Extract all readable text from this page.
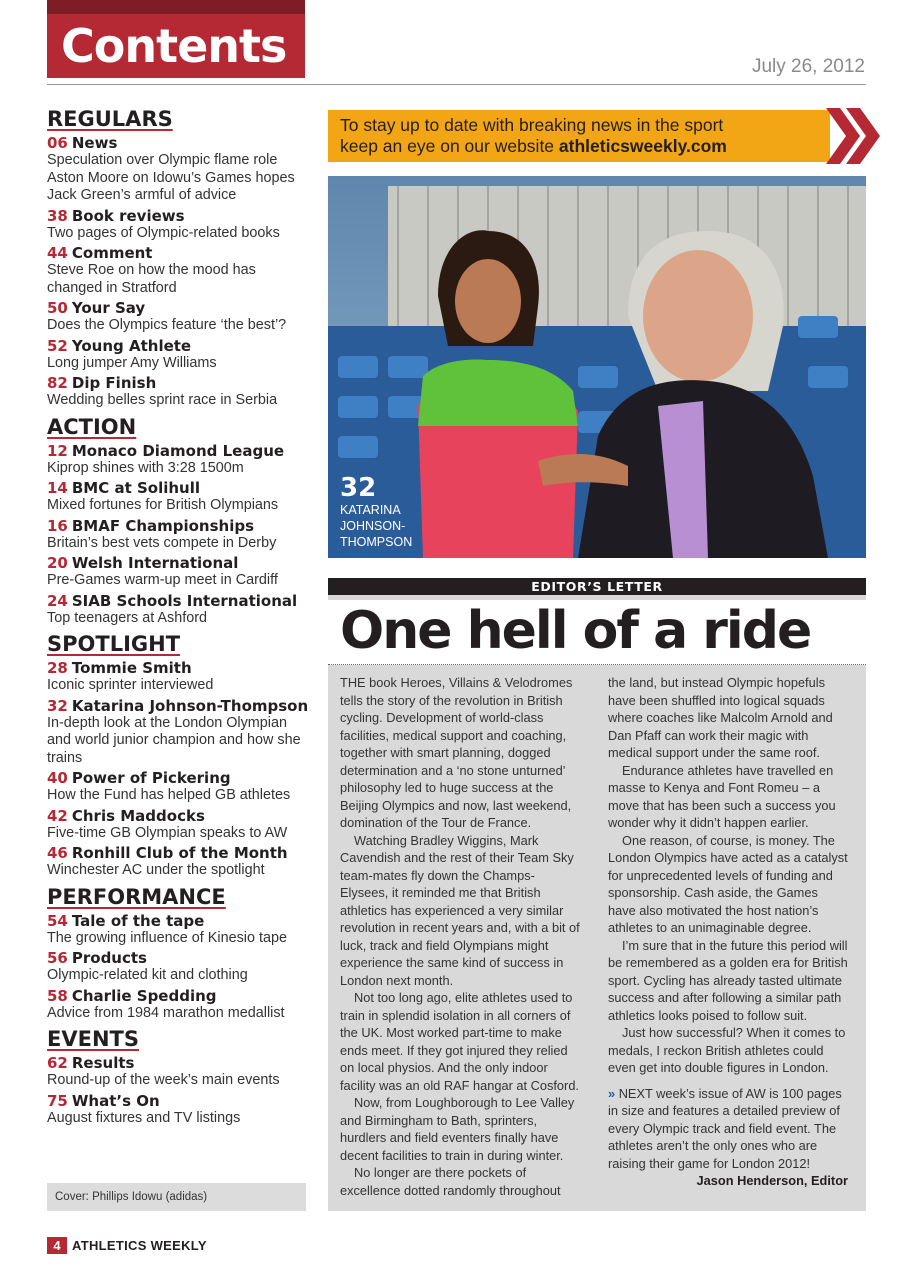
Contents	July 26, 2012
REGULARS
06 News
Speculation over Olympic flame role Aston Moore on Idowu’s Games hopes Jack Green’s armful of advice
38 Book reviews
Two pages of Olympic-related books
44 Comment
Steve Roe on how the mood has changed in Stratford
50 Your Say
Does the Olympics feature ‘the best’?
52 Young Athlete
Long jumper Amy Williams
82 Dip Finish
Wedding belles sprint race in Serbia
ACTION
12 Monaco Diamond League
Kiprop shines with 3:28 1500m
14 BMC at Solihull
Mixed fortunes for British Olympians
16 BMAF Championships
Britain’s best vets compete in Derby
20 Welsh International
Pre-Games warm-up meet in Cardiff
24 SIAB Schools International
Top teenagers at Ashford
SPOTLIGHT
28 Tommie Smith
Iconic sprinter interviewed
32 Katarina Johnson-Thompson
In-depth look at the London Olympian and world junior champion and how she trains
40 Power of Pickering
How the Fund has helped GB athletes
42 Chris Maddocks
Five-time GB Olympian speaks to AW
46 Ronhill Club of the Month
Winchester AC under the spotlight
PERFORMANCE
54 Tale of the tape
The growing influence of Kinesio tape
56 Products
Olympic-related kit and clothing
58 Charlie Spedding
Advice from 1984 marathon medallist
EVENTS
62 Results
Round-up of the week’s main events
75 What’s On
August fixtures and TV listings
Cover: Phillips Idowu (adidas)
4 ATHLETICS WEEKLY
To stay up to date with breaking news in the sport
keep an eye on our website athleticsweekly.com
32
KATARINA JOHNSON-THOMPSON
EDITOR’S LETTER
One hell of a ride

THE book Heroes, Villains & Velodromes tells the story of the revolution in British cycling. Development of world-class facilities, medical support and coaching, together with smart planning, dogged determination and a ‘no stone unturned’ philosophy led to huge success at the Beijing Olympics and now, last weekend, domination of the Tour de France.

Watching Bradley Wiggins, Mark Cavendish and the rest of their Team Sky team-mates fly down the Champs-Elysees, it reminded me that British athletics has experienced a very similar revolution in recent years and, with a bit of luck, track and field Olympians might experience the same kind of success in London next month.

Not too long ago, elite athletes used to train in splendid isolation in all corners of the UK. Most worked part-time to make ends meet. If they got injured they relied on local physios. And the only indoor facility was an old RAF hangar at Cosford.

Now, from Loughborough to Lee Valley and Birmingham to Bath, sprinters, hurdlers and field eventers finally have decent facilities to train in during winter.

No longer are there pockets of excellence dotted randomly throughout

the land, but instead Olympic hopefuls have been shuffled into logical squads where coaches like Malcolm Arnold and Dan Pfaff can work their magic with medical support under the same roof.

Endurance athletes have travelled en masse to Kenya and Font Romeu – a move that has been such a success you wonder why it didn’t happen earlier.

One reason, of course, is money. The London Olympics have acted as a catalyst for unprecedented levels of funding and sponsorship. Cash aside, the Games have also motivated the host nation’s athletes to an unimaginable degree.

I’m sure that in the future this period will be remembered as a golden era for British sport. Cycling has already tasted ultimate success and after following a similar path athletics looks poised to follow suit.

Just how successful? When it comes to medals, I reckon British athletes could even get into double figures in London.

» NEXT week’s issue of AW is 100 pages in size and features a detailed preview of every Olympic track and field event. The athletes aren’t the only ones who are raising their game for London 2012!

Jason Henderson, Editor
